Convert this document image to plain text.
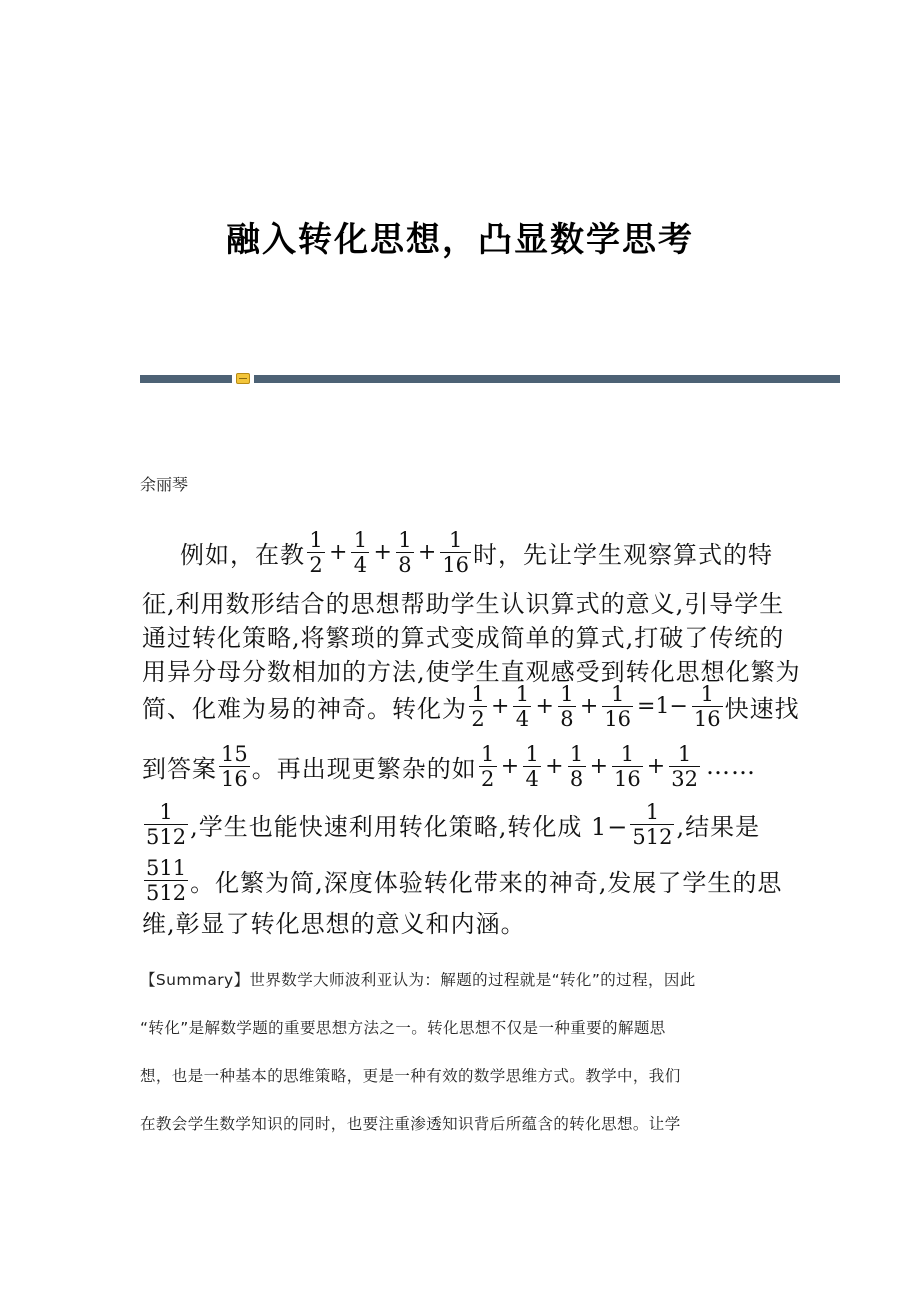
融入转化思想，凸显数学思考
余丽琴
例如，在教 $\frac{1}{2} + \frac{1}{4} + \frac{1}{8} + \frac{1}{16}$ 时，先让学生观察算式的特
征,利用数形结合的思想帮助学生认识算式的意义,引导学生
通过转化策略,将繁琐的算式变成简单的算式,打破了传统的
用异分母分数相加的方法,使学生直观感受到转化思想化繁为
简、化难为易的神奇。转化为 $\frac{1}{2} + \frac{1}{4} + \frac{1}{8} + \frac{1}{16} =1- \frac{1}{16}$ 快速找
到答案 $\frac{15}{16}$ 。再出现更繁杂的如 $\frac{1}{2} + \frac{1}{4} + \frac{1}{8} + \frac{1}{16} + \frac{1}{32}$ ……
$\frac{1}{512}$ ,学生也能快速利用转化策略,转化成 $1- \frac{1}{512}$ ,结果是
$\frac{511}{512}$ 。化繁为简,深度体验转化带来的神奇,发展了学生的思
维,彰显了转化思想的意义和内涵。
【Summary】世界数学大师波利亚认为：解题的过程就是“转化”的过程，因此
“转化”是解数学题的重要思想方法之一。转化思想不仅是一种重要的解题思
想，也是一种基本的思维策略，更是一种有效的数学思维方式。教学中，我们
在教会学生数学知识的同时，也要注重渗透知识背后所蕴含的转化思想。让学
